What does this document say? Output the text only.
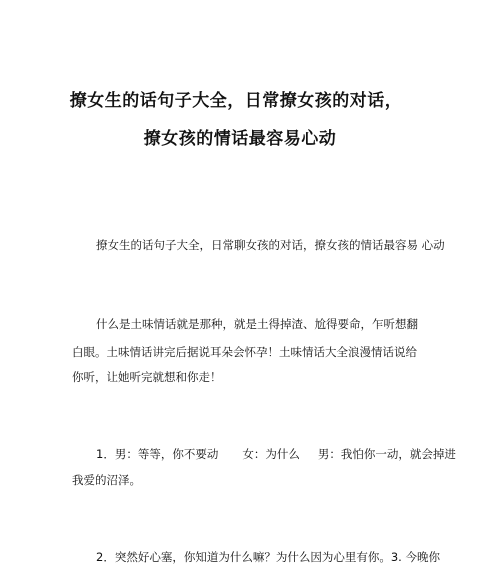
撩女生的话句子大全，日常撩女孩的对话，
撩女孩的情话最容易心动
撩女生的话句子大全，日常聊女孩的对话，撩女孩的情话最容易 心动
什么是土味情话就是那种，就是土得掉渣、尬得要命，乍听想翻
白眼。土味情话讲完后据说耳朵会怀孕！土味情话大全浪漫情话说给
你听，让她听完就想和你走！
1．男：等等，你不要动 女：为什么 男：我怕你一动，就会掉进
我爱的沼泽。
2．突然好心塞，你知道为什么嘛？为什么因为心里有你。3. 今晚你
